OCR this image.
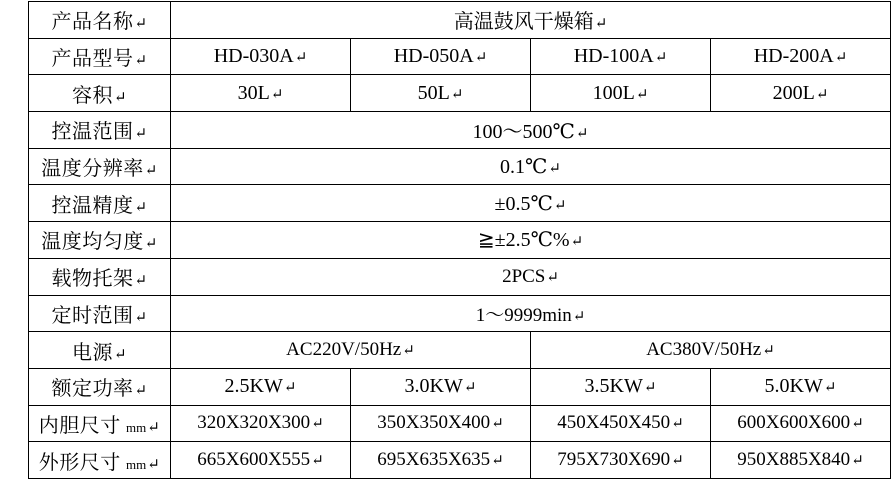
产品名称↵	高温鼓风干燥箱↵			
产品型号↵	HD-030A↵	HD-050A↵	HD-100A↵	HD-200A↵
容积↵	30L↵	50L↵	100L↵	200L↵
控温范围↵	100～500℃↵			
温度分辨率↵	0.1℃↵			
控温精度↵	±0.5℃↵			
温度均匀度↵	≧±2.5℃%↵			
载物托架↵	2PCS↵			
定时范围↵	1～9999min↵			
电源↵	AC220V/50Hz↵		AC380V/50Hz↵	
额定功率↵	2.5KW↵	3.0KW↵	3.5KW↵	5.0KW↵
内胆尺寸 mm↵	320X320X300↵	350X350X400↵	450X450X450↵	600X600X600↵
外形尺寸 mm↵	665X600X555↵	695X635X635↵	795X730X690↵	950X885X840↵
